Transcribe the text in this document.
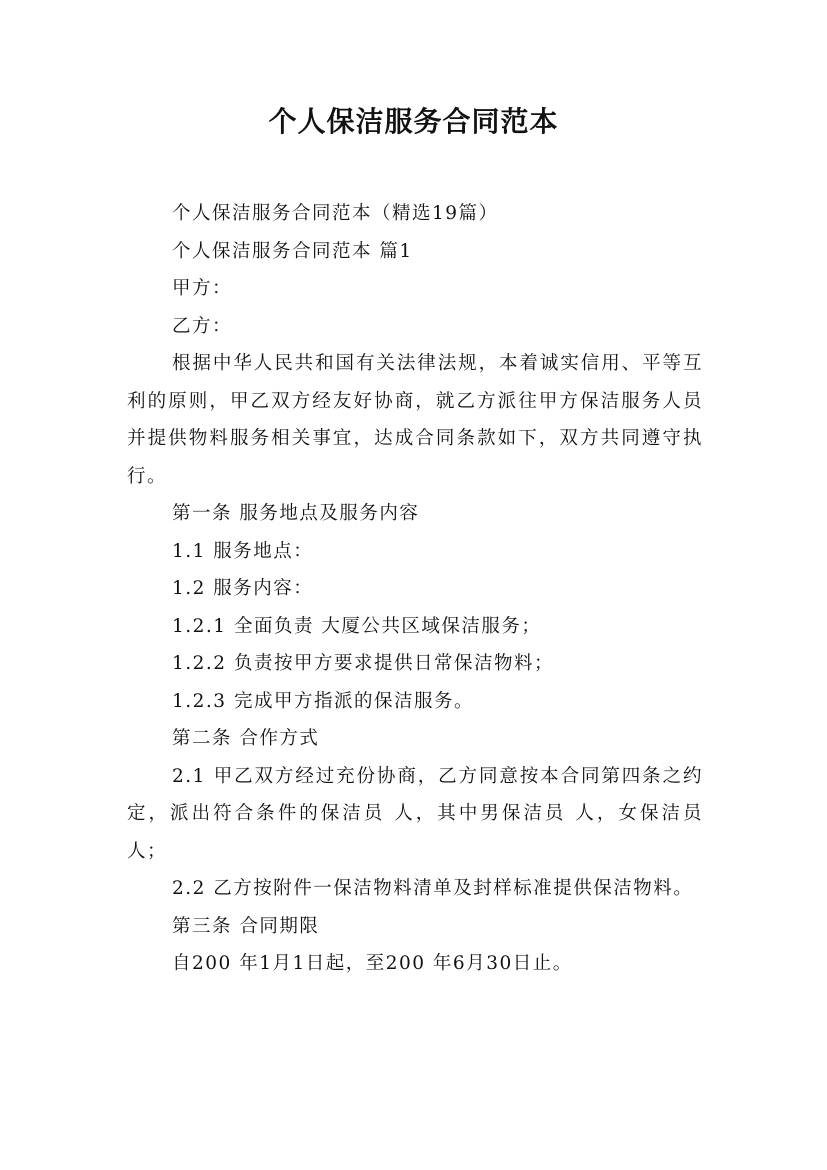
个人保洁服务合同范本

个人保洁服务合同范本（精选19篇）

个人保洁服务合同范本 篇1

甲方：

乙方：

根据中华人民共和国有关法律法规，本着诚实信用、平等互利的原则，甲乙双方经友好协商，就乙方派往甲方保洁服务人员并提供物料服务相关事宜，达成合同条款如下，双方共同遵守执行。

第一条 服务地点及服务内容

1.1 服务地点：

1.2 服务内容：

1.2.1 全面负责 大厦公共区域保洁服务；

1.2.2 负责按甲方要求提供日常保洁物料；

1.2.3 完成甲方指派的保洁服务。

第二条 合作方式

2.1 甲乙双方经过充份协商，乙方同意按本合同第四条之约定，派出符合条件的保洁员 人，其中男保洁员 人，女保洁员 人；

2.2 乙方按附件一保洁物料清单及封样标准提供保洁物料。

第三条 合同期限

自200 年1月1日起，至200 年6月30日止。
